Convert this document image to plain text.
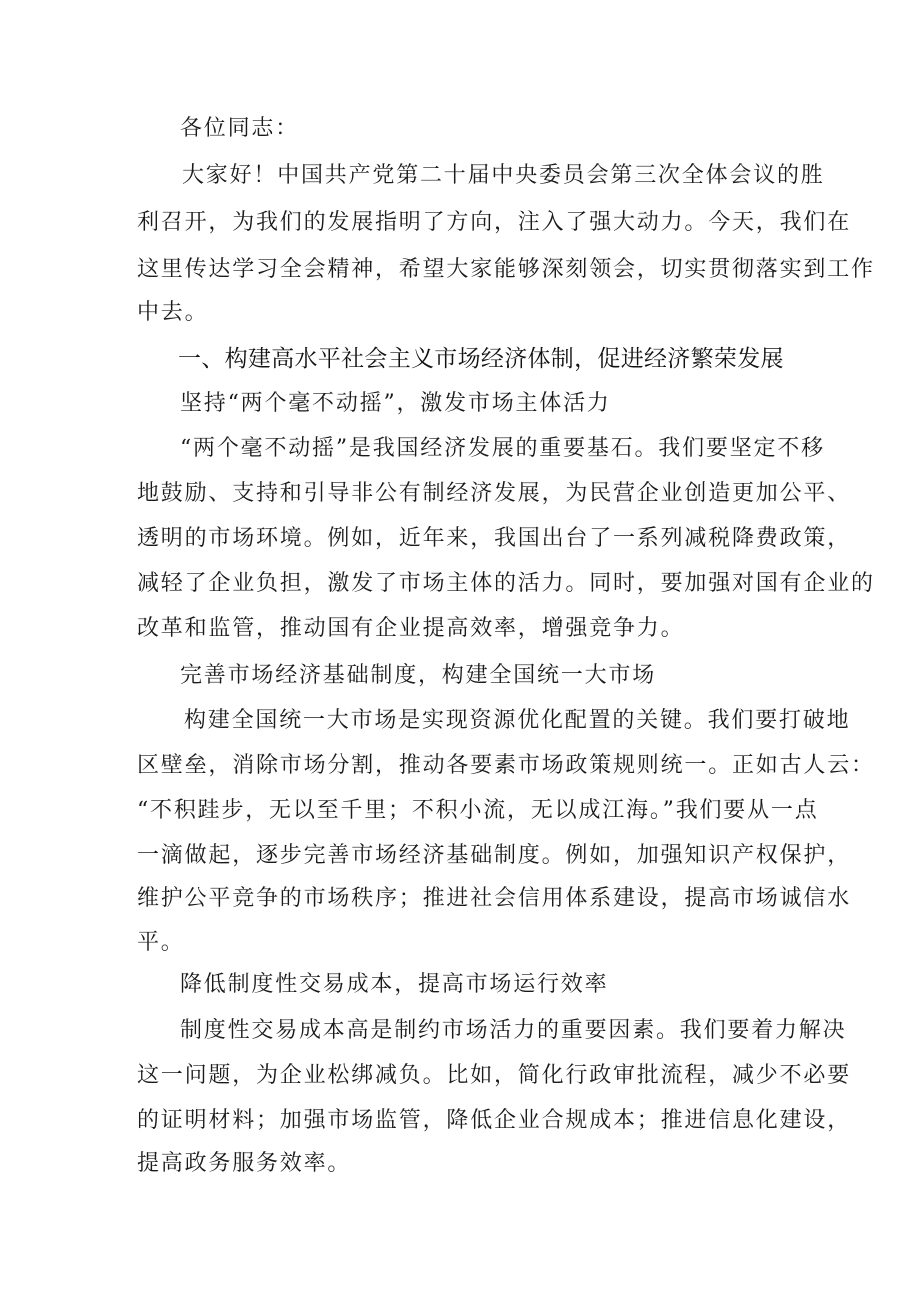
各位同志：
大家好！中国共产党第二十届中央委员会第三次全体会议的胜
利召开，为我们的发展指明了方向，注入了强大动力。今天，我们在
这里传达学习全会精神，希望大家能够深刻领会，切实贯彻落实到工作
中去。
一、构建高水平社会主义市场经济体制，促进经济繁荣发展
坚持“两个毫不动摇”，激发市场主体活力
“两个毫不动摇”是我国经济发展的重要基石。我们要坚定不移
地鼓励、支持和引导非公有制经济发展，为民营企业创造更加公平、
透明的市场环境。例如，近年来，我国出台了一系列减税降费政策，
减轻了企业负担，激发了市场主体的活力。同时，要加强对国有企业的
改革和监管，推动国有企业提高效率，增强竞争力。
完善市场经济基础制度，构建全国统一大市场
构建全国统一大市场是实现资源优化配置的关键。我们要打破地
区壁垒，消除市场分割，推动各要素市场政策规则统一。正如古人云：
“不积跬步，无以至千里；不积小流，无以成江海。”我们要从一点
一滴做起，逐步完善市场经济基础制度。例如，加强知识产权保护，
维护公平竞争的市场秩序；推进社会信用体系建设，提高市场诚信水
平。
降低制度性交易成本，提高市场运行效率
制度性交易成本高是制约市场活力的重要因素。我们要着力解决
这一问题，为企业松绑减负。比如，简化行政审批流程，减少不必要
的证明材料；加强市场监管，降低企业合规成本；推进信息化建设，
提高政务服务效率。
